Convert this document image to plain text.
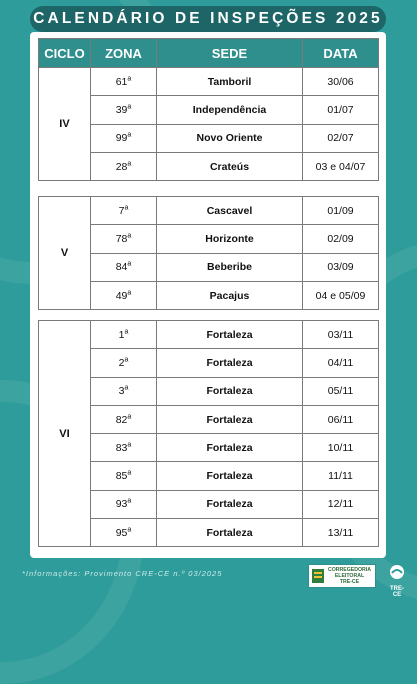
CALENDÁRIO DE INSPEÇÕES 2025
CICLO	ZONA	SEDE	DATA
IV	61$^a$	Tamboril	30/06
	39$^a$	Independência	01/07
	99$^a$	Novo Oriente	02/07
	28$^a$	Crateús	03 e 04/07
V	7$^a$	Cascavel	01/09
	78$^a$	Horizonte	02/09
	84$^a$	Beberibe	03/09
	49$^a$	Pacajus	04 e 05/09
VI	1$^a$	Fortaleza	03/11
	2$^a$	Fortaleza	04/11
	3$^a$	Fortaleza	05/11
	82$^a$	Fortaleza	06/11
	83$^a$	Fortaleza	10/11
	85$^a$	Fortaleza	11/11
	93$^a$	Fortaleza	12/11
	95$^a$	Fortaleza	13/11
*Informações: Provimento CRE-CE n.º 03/2025	CORREGEDORIA
ELEITORAL
TRE-CE
TRE-CE
